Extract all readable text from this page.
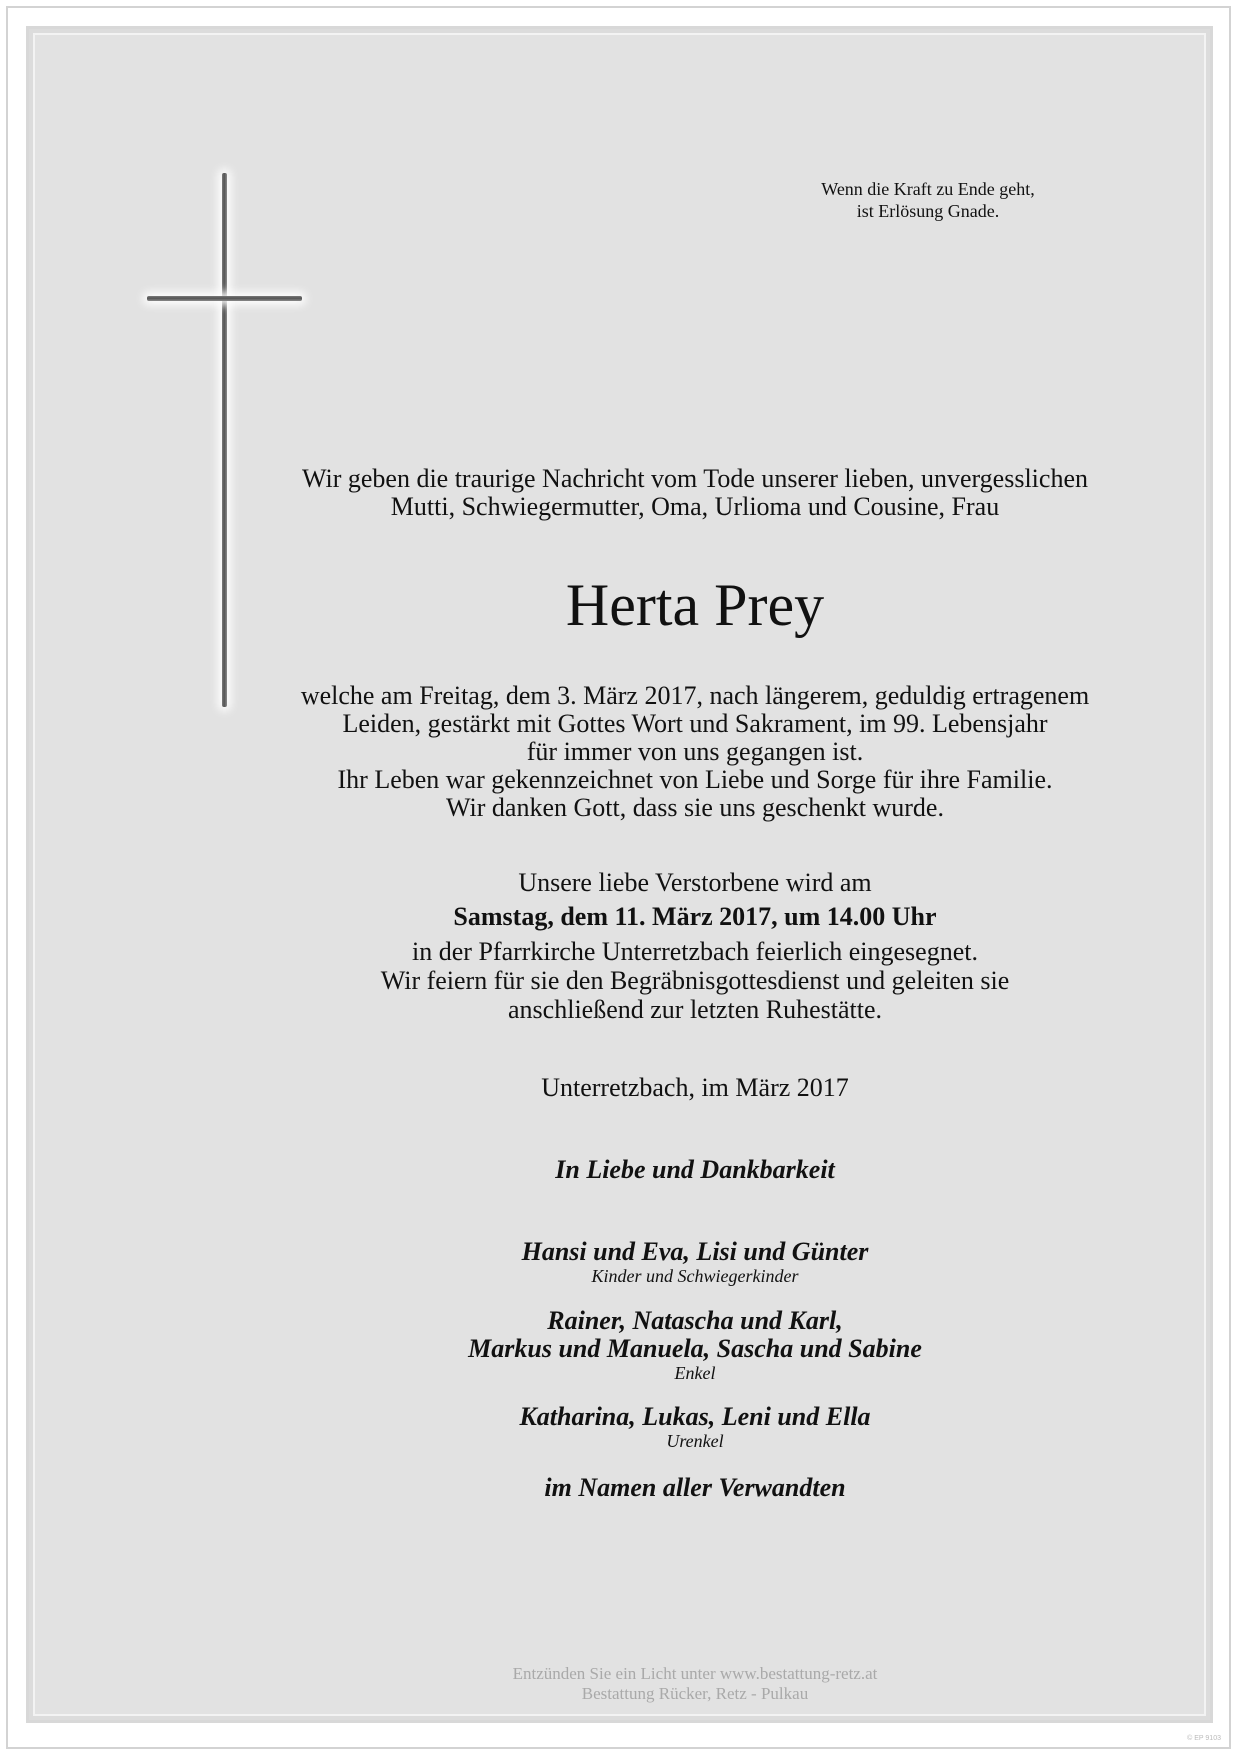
Wenn die Kraft zu Ende geht,
ist Erlösung Gnade.
Wir geben die traurige Nachricht vom Tode unserer lieben, unvergesslichen
Mutti, Schwiegermutter, Oma, Urlioma und Cousine, Frau
Herta Prey
welche am Freitag, dem 3. März 2017, nach längerem, geduldig ertragenem
Leiden, gestärkt mit Gottes Wort und Sakrament, im 99. Lebensjahr
für immer von uns gegangen ist.
Ihr Leben war gekennzeichnet von Liebe und Sorge für ihre Familie.
Wir danken Gott, dass sie uns geschenkt wurde.
Unsere liebe Verstorbene wird am
Samstag, dem 11. März 2017, um 14.00 Uhr
in der Pfarrkirche Unterretzbach feierlich eingesegnet.
Wir feiern für sie den Begräbnisgottesdienst und geleiten sie
anschließend zur letzten Ruhestätte.
Unterretzbach, im März 2017
In Liebe und Dankbarkeit
Hansi und Eva, Lisi und Günter
Kinder und Schwiegerkinder
Rainer, Natascha und Karl,
Markus und Manuela, Sascha und Sabine
Enkel
Katharina, Lukas, Leni und Ella
Urenkel
im Namen aller Verwandten
Entzünden Sie ein Licht unter www.bestattung-retz.at
Bestattung Rücker, Retz - Pulkau
© EP 9103
